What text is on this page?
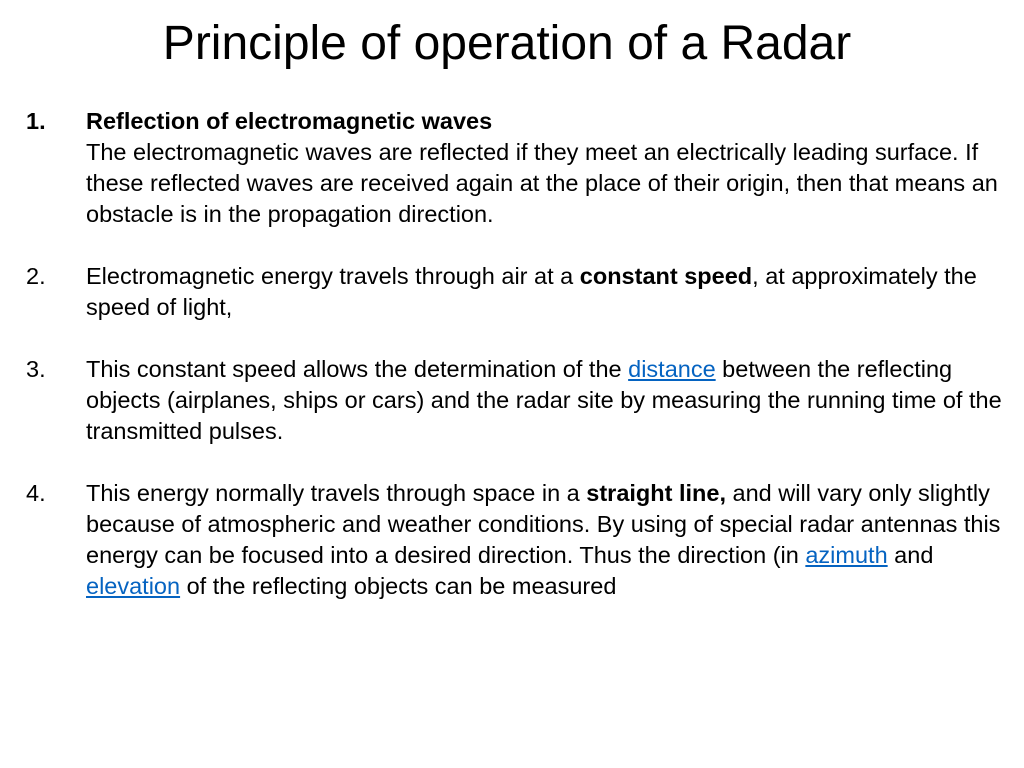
Principle of operation of a Radar
1. Reflection of electromagnetic waves
The electromagnetic waves are reflected if they meet an electrically leading surface. If these reflected waves are received again at the place of their origin, then that means an obstacle is in the propagation direction.
2. Electromagnetic energy travels through air at a constant speed, at approximately the speed of light,
3. This constant speed allows the determination of the distance between the reflecting objects (airplanes, ships or cars) and the radar site by measuring the running time of the transmitted pulses.
4. This energy normally travels through space in a straight line, and will vary only slightly because of atmospheric and weather conditions. By using of special radar antennas this energy can be focused into a desired direction. Thus the direction (in azimuth and elevation of the reflecting objects can be measured
